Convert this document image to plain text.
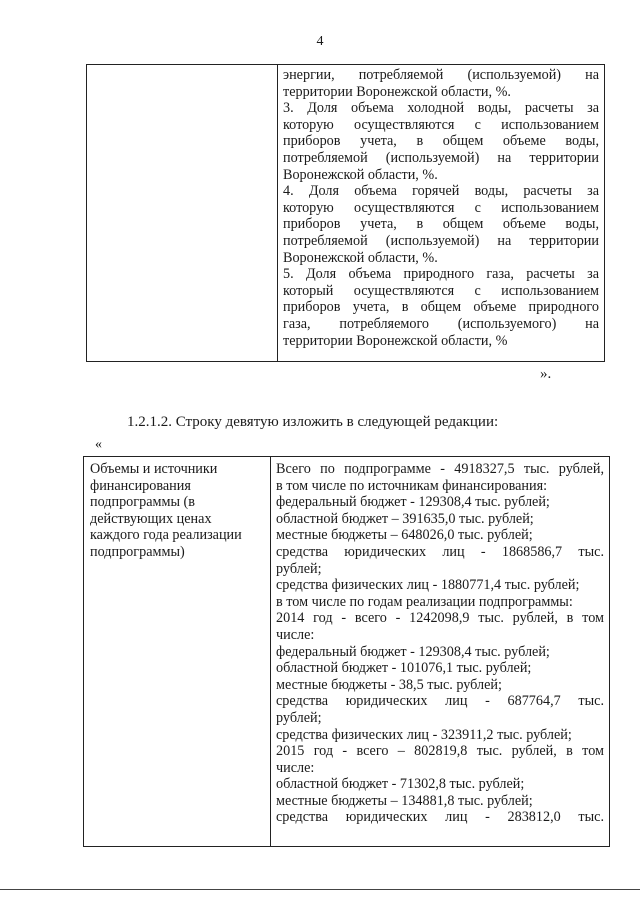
4
энергии, потребляемой (используемой) на
территории Воронежской области, %.
3. Доля объема холодной воды, расчеты за
которую осуществляются с использованием
приборов учета, в общем объеме воды,
потребляемой (используемой) на территории
Воронежской области, %.
4. Доля объема горячей воды, расчеты за
которую осуществляются с использованием
приборов учета, в общем объеме воды,
потребляемой (используемой) на территории
Воронежской области, %.
5. Доля объема природного газа, расчеты за
который осуществляются с использованием
приборов учета, в общем объеме природного
газа, потребляемого (используемого) на
территории Воронежской области, %
».
1.2.1.2. Строку девятую изложить в следующей редакции:
«
Объемы и источники
финансирования
подпрограммы (в
действующих ценах
каждого года реализации
подпрограммы)
Всего по подпрограмме - 4918327,5 тыс. рублей,
в том числе по источникам финансирования:
федеральный бюджет - 129308,4 тыс. рублей;
областной бюджет – 391635,0 тыс. рублей;
местные бюджеты – 648026,0 тыс. рублей;
средства юридических лиц - 1868586,7 тыс.
рублей;
средства физических лиц - 1880771,4 тыс. рублей;
в том числе по годам реализации подпрограммы:
2014 год - всего - 1242098,9 тыс. рублей, в том
числе:
федеральный бюджет - 129308,4 тыс. рублей;
областной бюджет - 101076,1 тыс. рублей;
местные бюджеты - 38,5 тыс. рублей;
средства юридических лиц - 687764,7 тыс.
рублей;
средства физических лиц - 323911,2 тыс. рублей;
2015 год - всего – 802819,8 тыс. рублей, в том
числе:
областной бюджет - 71302,8 тыс. рублей;
местные бюджеты – 134881,8 тыс. рублей;
средства юридических лиц - 283812,0 тыс.
